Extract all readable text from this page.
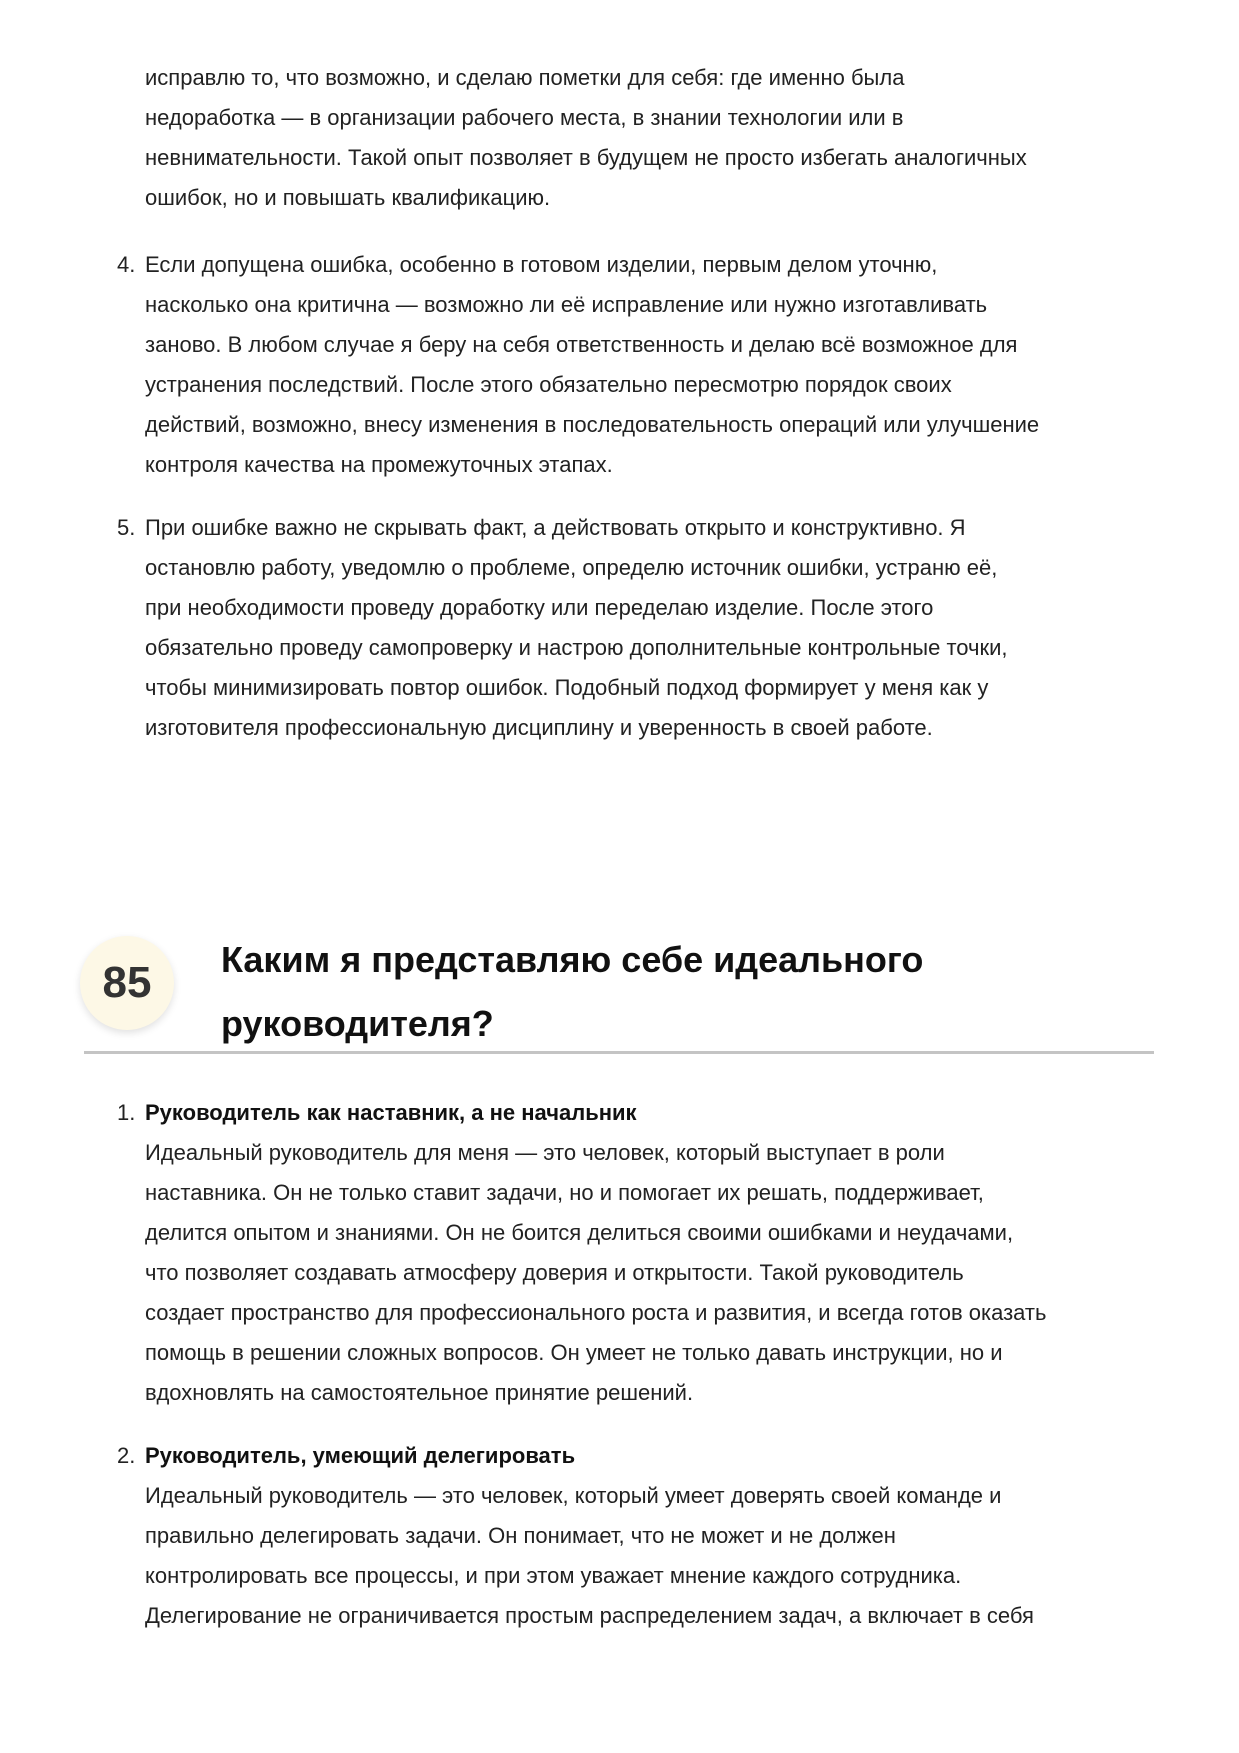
исправлю то, что возможно, и сделаю пометки для себя: где именно была
недоработка — в организации рабочего места, в знании технологии или в
невнимательности. Такой опыт позволяет в будущем не просто избегать аналогичных
ошибок, но и повышать квалификацию.
4. Если допущена ошибка, особенно в готовом изделии, первым делом уточню,
насколько она критична — возможно ли её исправление или нужно изготавливать
заново. В любом случае я беру на себя ответственность и делаю всё возможное для
устранения последствий. После этого обязательно пересмотрю порядок своих
действий, возможно, внесу изменения в последовательность операций или улучшение
контроля качества на промежуточных этапах.
5. При ошибке важно не скрывать факт, а действовать открыто и конструктивно. Я
остановлю работу, уведомлю о проблеме, определю источник ошибки, устраню её,
при необходимости проведу доработку или переделаю изделие. После этого
обязательно проведу самопроверку и настрою дополнительные контрольные точки,
чтобы минимизировать повтор ошибок. Подобный подход формирует у меня как у
изготовителя профессиональную дисциплину и уверенность в своей работе.
85	Каким я представляю себе идеального
руководителя?
1. Руководитель как наставник, а не начальник
Идеальный руководитель для меня — это человек, который выступает в роли
наставника. Он не только ставит задачи, но и помогает их решать, поддерживает,
делится опытом и знаниями. Он не боится делиться своими ошибками и неудачами,
что позволяет создавать атмосферу доверия и открытости. Такой руководитель
создает пространство для профессионального роста и развития, и всегда готов оказать
помощь в решении сложных вопросов. Он умеет не только давать инструкции, но и
вдохновлять на самостоятельное принятие решений.
2. Руководитель, умеющий делегировать
Идеальный руководитель — это человек, который умеет доверять своей команде и
правильно делегировать задачи. Он понимает, что не может и не должен
контролировать все процессы, и при этом уважает мнение каждого сотрудника.
Делегирование не ограничивается простым распределением задач, а включает в себя
